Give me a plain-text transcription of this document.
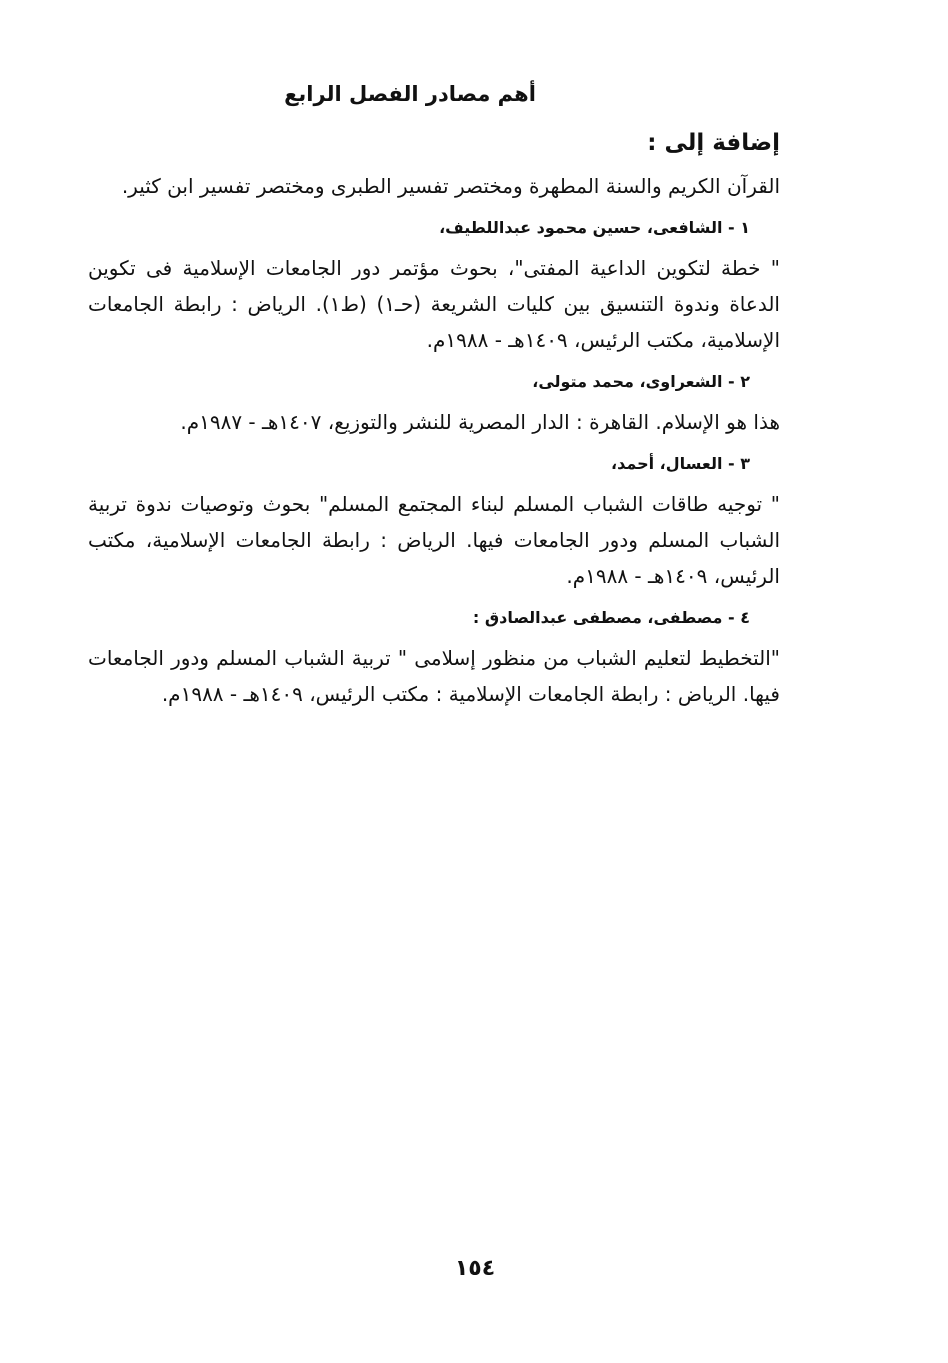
أهم مصادر الفصل الرابع
إضافة إلى :

القرآن الكريم والسنة المطهرة ومختصر تفسير الطبرى ومختصر تفسير ابن كثير.

١ - الشافعى، حسين محمود عبداللطيف،

" خطة لتكوين الداعية المفتى"، بحوث مؤتمر دور الجامعات الإسلامية فى تكوين الدعاة وندوة التنسيق بين كليات الشريعة (حـ١) (ط١). الرياض : رابطة الجامعات الإسلامية، مكتب الرئيس، ١٤٠٩هـ - ١٩٨٨م.

٢ - الشعراوى، محمد متولى،

هذا هو الإسلام. القاهرة : الدار المصرية للنشر والتوزيع، ١٤٠٧هـ - ١٩٨٧م.

٣ - العسال، أحمد،

" توجيه طاقات الشباب المسلم لبناء المجتمع المسلم" بحوث وتوصيات ندوة تربية الشباب المسلم ودور الجامعات فيها. الرياض : رابطة الجامعات الإسلامية، مكتب الرئيس، ١٤٠٩هـ - ١٩٨٨م.

٤ - مصطفى، مصطفى عبدالصادق :

"التخطيط لتعليم الشباب من منظور إسلامى " تربية الشباب المسلم ودور الجامعات فيها. الرياض : رابطة الجامعات الإسلامية : مكتب الرئيس، ١٤٠٩هـ - ١٩٨٨م.

١٥٤
